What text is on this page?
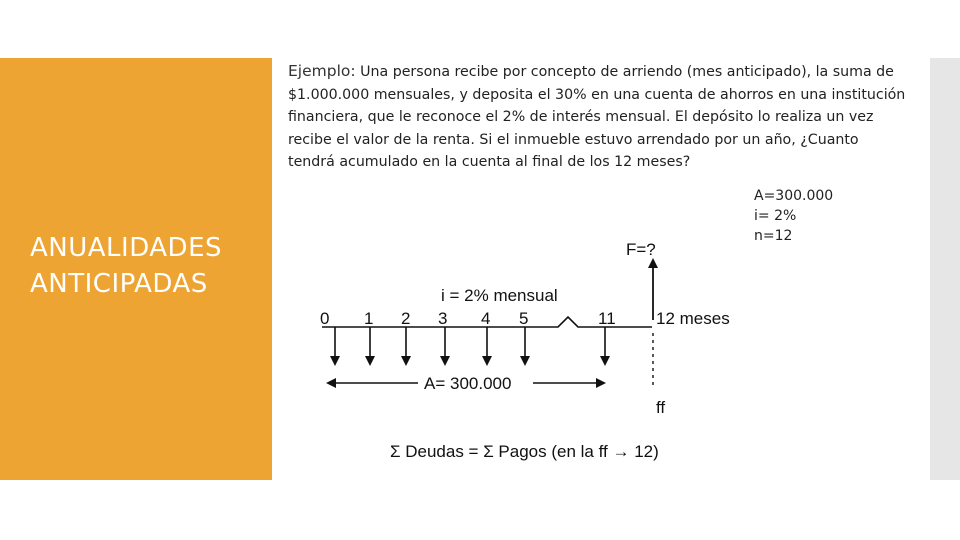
ANUALIDADES
ANTICIPADAS
Ejemplo: Una persona recibe por concepto de arriendo (mes anticipado), la suma de $1.000.000 mensuales, y deposita el 30% en una cuenta de ahorros en una institución financiera, que le reconoce el 2% de interés mensual. El depósito lo realiza un vez recibe el valor de la renta. Si el inmueble estuvo arrendado por un año, ¿Cuanto tendrá acumulado en la cuenta al final de los 12 meses?
A=300.000
i= 2%
n=12
F=?
i = 2% mensual
0 1 2 3 4 5	11 12 meses
ff
A= 300.000
Σ Deudas = Σ Pagos (en la ff → 12)
